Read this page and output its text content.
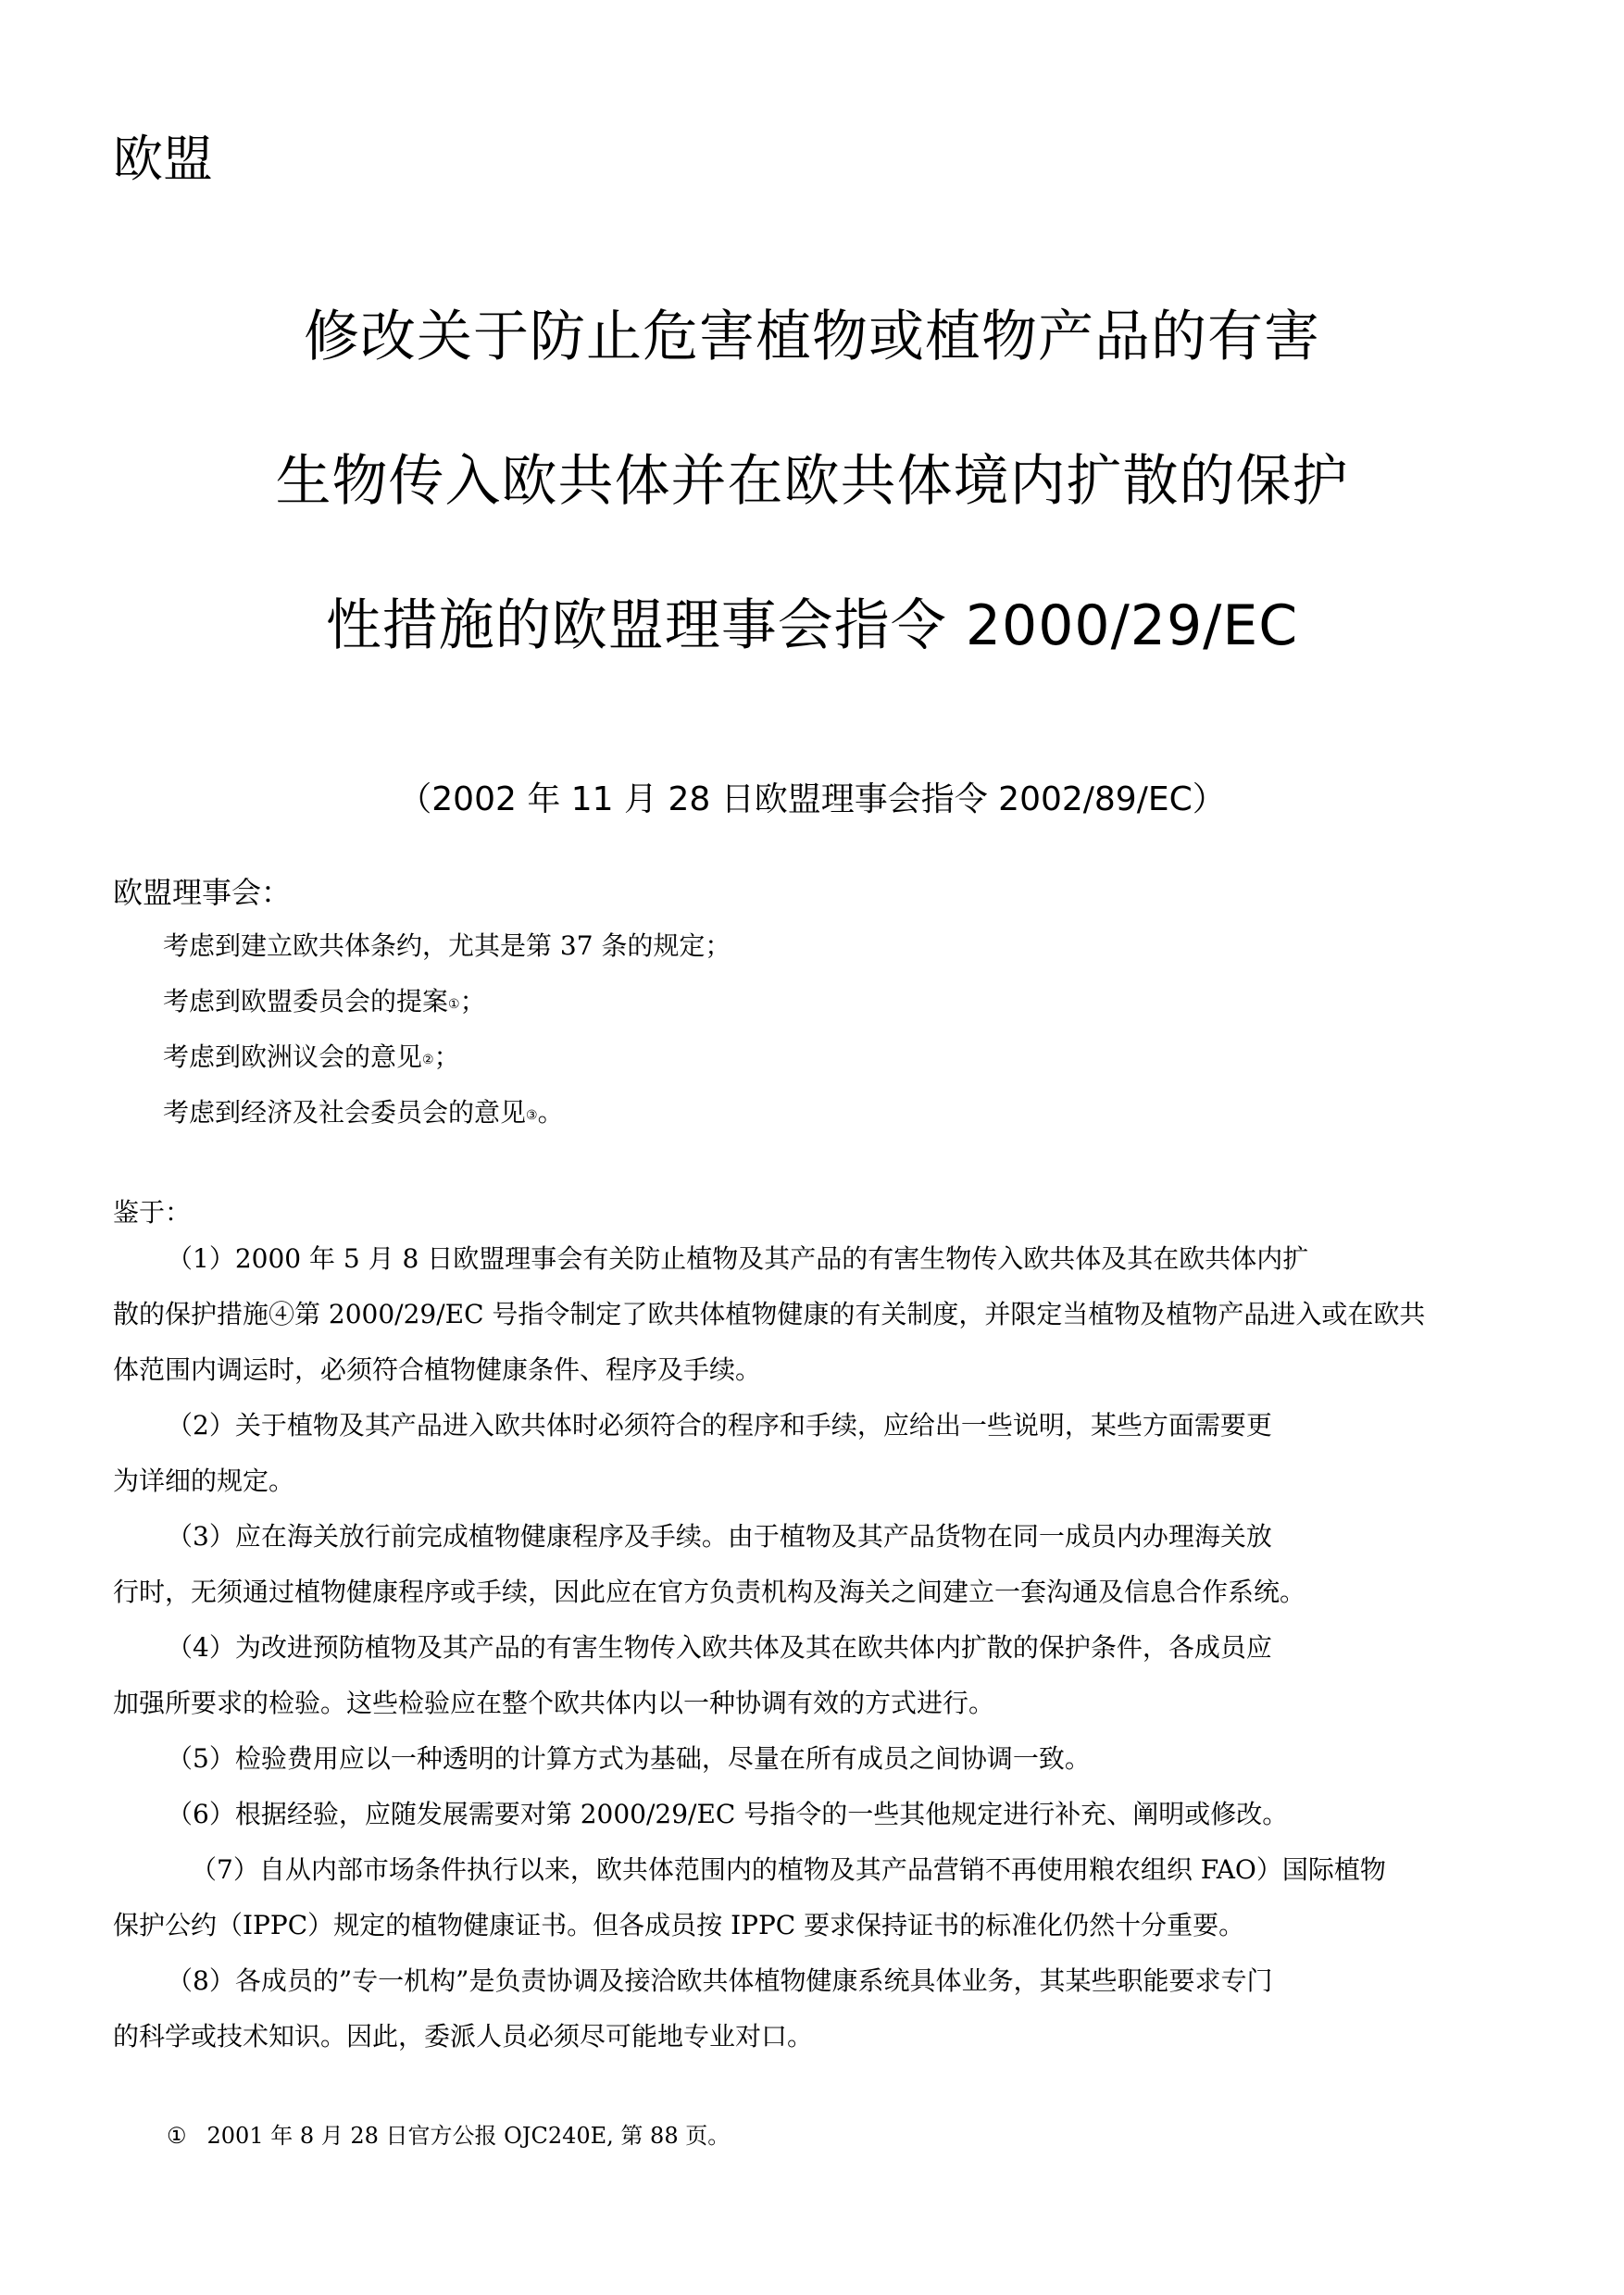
欧盟
修改关于防止危害植物或植物产品的有害
生物传入欧共体并在欧共体境内扩散的保护
性措施的欧盟理事会指令 2000/29/EC
（2002 年 11 月 28 日欧盟理事会指令 2002/89/EC）
欧盟理事会：
考虑到建立欧共体条约，尤其是第 37 条的规定；
考虑到欧盟委员会的提案①；
考虑到欧洲议会的意见②；
考虑到经济及社会委员会的意见③。
鉴于：
（1）2000 年 5 月 8 日欧盟理事会有关防止植物及其产品的有害生物传入欧共体及其在欧共体内扩
散的保护措施④第 2000/29/EC 号指令制定了欧共体植物健康的有关制度，并限定当植物及植物产品进入或在欧共
体范围内调运时，必须符合植物健康条件、程序及手续。
（2）关于植物及其产品进入欧共体时必须符合的程序和手续，应给出一些说明，某些方面需要更
为详细的规定。
（3）应在海关放行前完成植物健康程序及手续。由于植物及其产品货物在同一成员内办理海关放
行时，无须通过植物健康程序或手续，因此应在官方负责机构及海关之间建立一套沟通及信息合作系统。
（4）为改进预防植物及其产品的有害生物传入欧共体及其在欧共体内扩散的保护条件，各成员应
加强所要求的检验。这些检验应在整个欧共体内以一种协调有效的方式进行。
（5）检验费用应以一种透明的计算方式为基础，尽量在所有成员之间协调一致。
（6）根据经验，应随发展需要对第 2000/29/EC 号指令的一些其他规定进行补充、阐明或修改。
（7）自从内部市场条件执行以来，欧共体范围内的植物及其产品营销不再使用粮农组织 FAO）国际植物
保护公约（IPPC）规定的植物健康证书。但各成员按 IPPC 要求保持证书的标准化仍然十分重要。
（8）各成员的”专一机构”是负责协调及接洽欧共体植物健康系统具体业务，其某些职能要求专门
的科学或技术知识。因此，委派人员必须尽可能地专业对口。
① 2001 年 8 月 28 日官方公报 OJC240E, 第 88 页。
